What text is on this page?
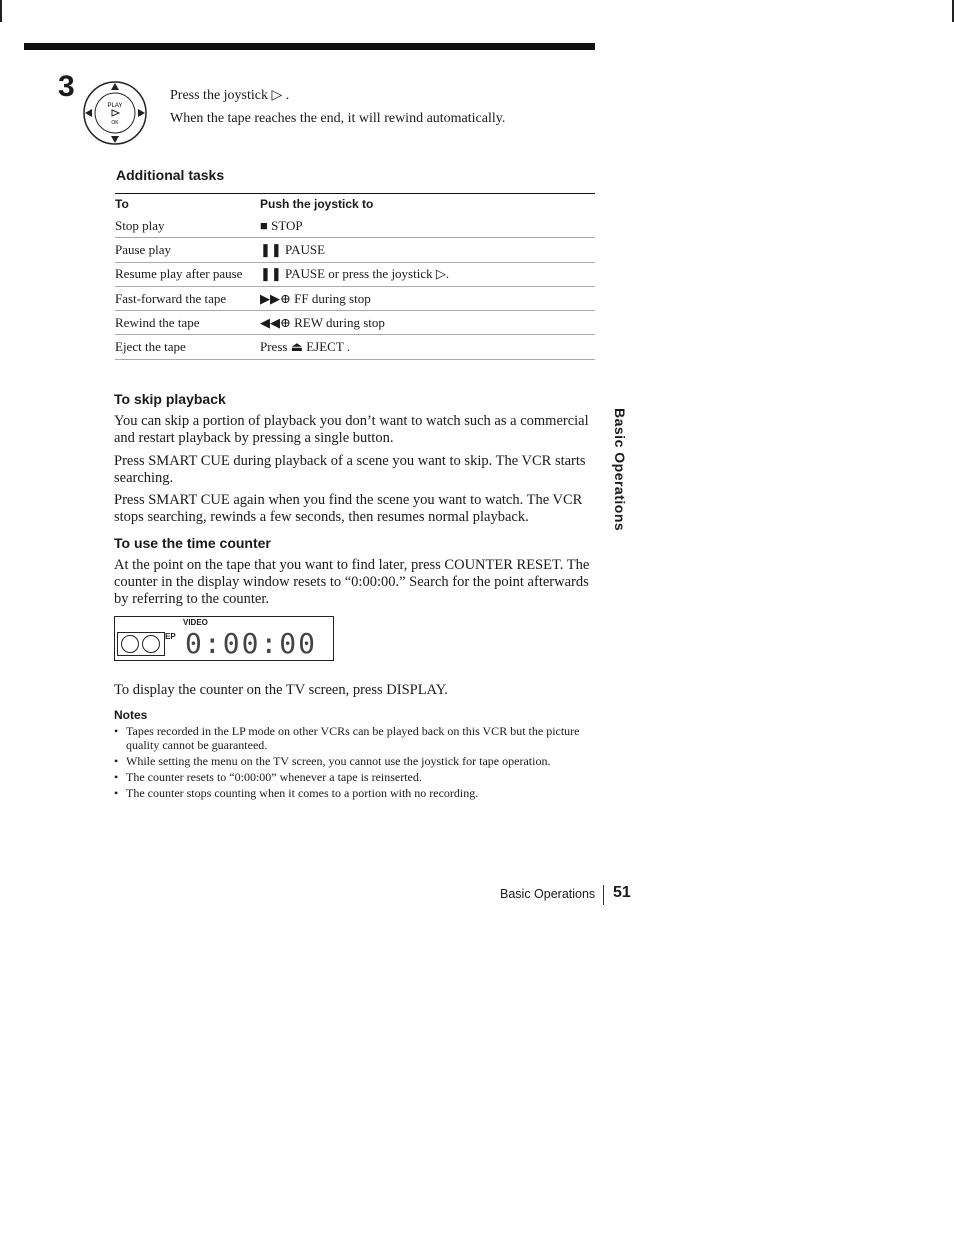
3
PLAY
OK
Press the joystick ▷ .
When the tape reaches the end, it will rewind automatically.
Additional tasks
To	Push the joystick to
Stop play	■ STOP
Pause play	❚❚ PAUSE
Resume play after pause	❚❚ PAUSE or press the joystick ▷.
Fast-forward the tape	▶▶⊕ FF during stop
Rewind the tape	◀◀⊕ REW during stop
Eject the tape	Press ⏏ EJECT .
To skip playback
You can skip a portion of playback you don’t want to watch such as a commercial and restart playback by pressing a single button.
Press SMART CUE during playback of a scene you want to skip. The VCR starts searching.
Press SMART CUE again when you find the scene you want to watch. The VCR stops searching, rewinds a few seconds, then resumes normal playback.	Basic Operations
To use the time counter
At the point on the tape that you want to find later, press COUNTER RESET. The counter in the display window resets to “0:00:00.” Search for the point afterwards by referring to the counter.
VIDEO
EP 0:00:00
To display the counter on the TV screen, press DISPLAY.
Notes
• Tapes recorded in the LP mode on other VCRs can be played back on this VCR but the picture quality cannot be guaranteed.
• While setting the menu on the TV screen, you cannot use the joystick for tape operation.
• The counter resets to “0:00:00” whenever a tape is reinserted.
• The counter stops counting when it comes to a portion with no recording.
Basic Operations 51
